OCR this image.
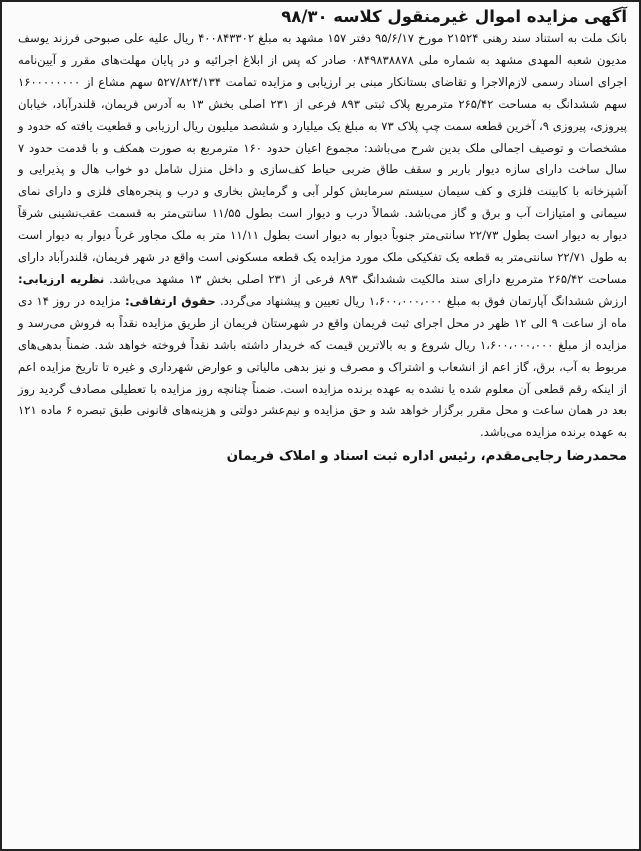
آگهی مزایده اموال غیرمنقول کلاسه ۹۸/۳۰

بانک ملت به استناد سند رهنی ۲۱۵۲۴ مورخ ۹۵/۶/۱۷ دفتر ۱۵۷ مشهد به مبلغ ۴۰۰۸۴۳۳۰۲ ریال علیه علی صبوحی فرزند یوسف مدیون شعبه المهدی مشهد به شماره ملی ۰۸۴۹۸۳۸۸۷۸ صادر که پس از ابلاغ اجرائیه و در پایان مهلت‌های مقرر و آیین‌نامه اجرای اسناد رسمی لازم‌الاجرا و تقاضای بستانکار مبنی بر ارزیابی و مزایده تمامت ۵۲۷/۸۲۴/۱۳۴ سهم مشاع از ۱۶۰۰۰۰۰۰۰۰ سهم ششدانگ به مساحت ۲۶۵/۴۲ مترمربع پلاک ثبتی ۸۹۳ فرعی از ۲۳۱ اصلی بخش ۱۳ به آدرس فریمان، قلندرآباد، خیابان پیروزی، پیروزی ۹، آخرین قطعه سمت چپ پلاک ۷۳ به مبلغ یک میلیارد و ششصد میلیون ریال ارزیابی و قطعیت یافته که حدود و مشخصات و توصیف اجمالی ملک بدین شرح می‌باشد: مجموع اعیان حدود ۱۶۰ مترمربع به صورت همکف و با قدمت حدود ۷ سال ساخت دارای سازه دیوار باربر و سقف طاق ضربی حیاط کف‌سازی و داخل منزل شامل دو خواب هال و پذیرایی و آشپزخانه با کابینت فلزی و کف سیمان سیستم سرمایش کولر آبی و گرمایش بخاری و درب و پنجره‌های فلزی و دارای نمای سیمانی و امتیازات آب و برق و گاز می‌باشد. شمالاً درب و دیوار است بطول ۱۱/۵۵ سانتی‌متر به قسمت عقب‌نشینی شرقاً دیوار به دیوار است بطول ۲۲/۷۳ سانتی‌متر جنوباً دیوار به دیوار است بطول ۱۱/۱۱ متر به ملک مجاور غرباً دیوار به دیوار است به طول ۲۲/۷۱ سانتی‌متر به قطعه یک تفکیکی ملک مورد مزایده یک قطعه مسکونی است واقع در شهر فریمان، قلندرآباد دارای مساحت ۲۶۵/۴۲ مترمربع دارای سند مالکیت ششدانگ ۸۹۳ فرعی از ۲۳۱ اصلی بخش ۱۳ مشهد می‌باشد. نظریه ارزیابی: ارزش ششدانگ آپارتمان فوق به مبلغ ۱،۶۰۰،۰۰۰،۰۰۰ ریال تعیین و پیشنهاد می‌گردد. حقوق ارتفاقی: مزایده در روز ۱۴ دی ماه از ساعت ۹ الی ۱۲ ظهر در محل اجرای ثبت فریمان واقع در شهرستان فریمان از طریق مزایده نقداً به فروش می‌رسد و مزایده از مبلغ ۱،۶۰۰،۰۰۰،۰۰۰ ریال شروع و به بالاترین قیمت که خریدار داشته باشد نقداً فروخته خواهد شد. ضمناً بدهی‌های مربوط به آب، برق، گاز اعم از انشعاب و اشتراک و مصرف و نیز بدهی مالیاتی و عوارض شهرداری و غیره تا تاریخ مزایده اعم از اینکه رقم قطعی آن معلوم شده یا نشده به عهده برنده مزایده است. ضمناً چنانچه روز مزایده با تعطیلی مصادف گردید روز بعد در همان ساعت و محل مقرر برگزار خواهد شد و حق مزایده و نیم‌عشر دولتی و هزینه‌های قانونی طبق تبصره ۶ ماده ۱۲۱ به عهده برنده مزایده می‌باشد.

محمدرضا رجایی‌مقدم، رئیس اداره ثبت اسناد و املاک فریمان
